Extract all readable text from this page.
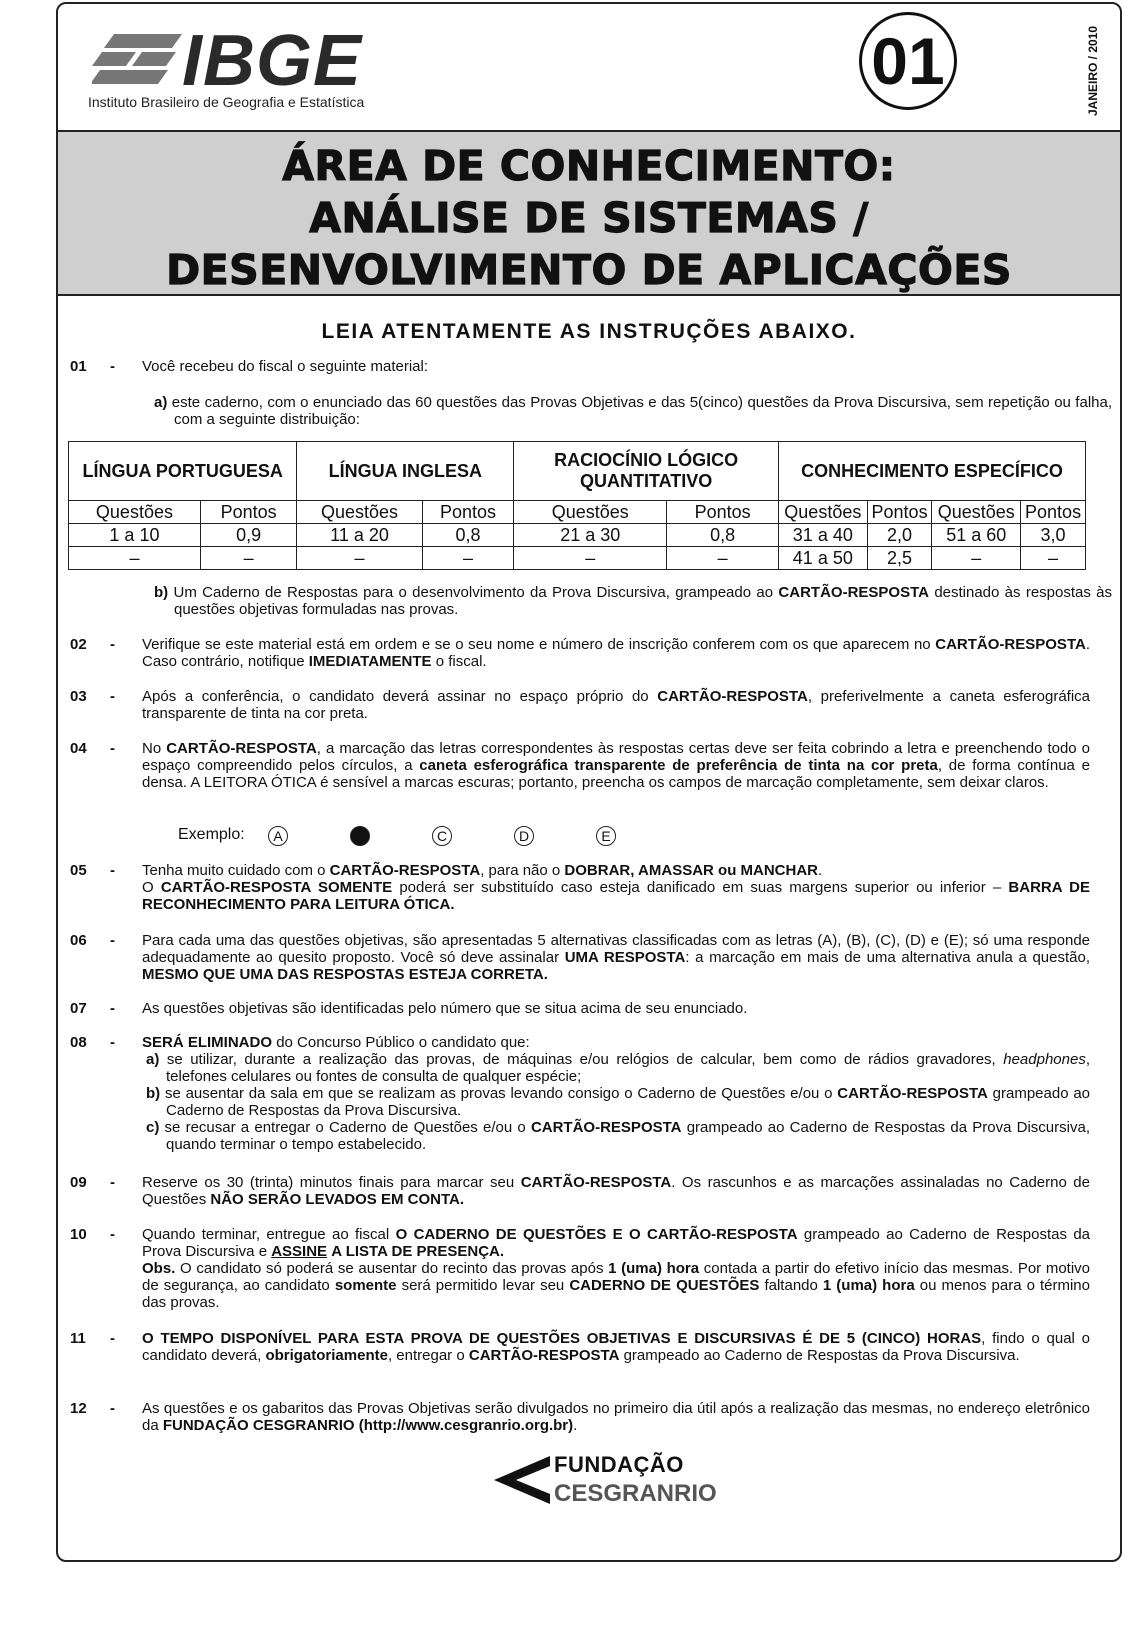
IBGE
Instituto Brasileiro de Geografia e Estatística
01	JANEIRO / 2010
ÁREA DE CONHECIMENTO:
ANÁLISE DE SISTEMAS /
DESENVOLVIMENTO DE APLICAÇÕES
LEIA ATENTAMENTE AS INSTRUÇÕES ABAIXO.
01	- Você recebeu do fiscal o seguinte material:
a) este caderno, com o enunciado das 60 questões das Provas Objetivas e das 5(cinco) questões da Prova Discursiva, sem repetição ou falha, com a seguinte distribuição:
LÍNGUA PORTUGUESA		LÍNGUA INGLESA		RACIOCÍNIO LÓGICO QUANTITATIVO		CONHECIMENTO ESPECÍFICO			
Questões	Pontos	Questões	Pontos	Questões	Pontos	Questões	Pontos	Questões	Pontos
1 a 10	0,9	11 a 20	0,8	21 a 30	0,8	31 a 40	2,0	51 a 60	3,0
–	–	–	–	–	–	41 a 50	2,5	–	–
b) Um Caderno de Respostas para o desenvolvimento da Prova Discursiva, grampeado ao CARTÃO-RESPOSTA destinado às respostas às questões objetivas formuladas nas provas.
02	- Verifique se este material está em ordem e se o seu nome e número de inscrição conferem com os que aparecem no CARTÃO-RESPOSTA. Caso contrário, notifique IMEDIATAMENTE o fiscal.
03	- Após a conferência, o candidato deverá assinar no espaço próprio do CARTÃO-RESPOSTA, preferivelmente a caneta esferográfica transparente de tinta na cor preta.
04	- No CARTÃO-RESPOSTA, a marcação das letras correspondentes às respostas certas deve ser feita cobrindo a letra e preenchendo todo o espaço compreendido pelos círculos, a caneta esferográfica transparente de preferência de tinta na cor preta, de forma contínua e densa. A LEITORA ÓTICA é sensível a marcas escuras; portanto, preencha os campos de marcação completamente, sem deixar claros.
Exemplo:	A	C	D	E
05	- Tenha muito cuidado com o CARTÃO-RESPOSTA, para não o DOBRAR, AMASSAR ou MANCHAR.
O CARTÃO-RESPOSTA SOMENTE poderá ser substituído caso esteja danificado em suas margens superior ou inferior – BARRA DE RECONHECIMENTO PARA LEITURA ÓTICA.
06	- Para cada uma das questões objetivas, são apresentadas 5 alternativas classificadas com as letras (A), (B), (C), (D) e (E); só uma responde adequadamente ao quesito proposto. Você só deve assinalar UMA RESPOSTA: a marcação em mais de uma alternativa anula a questão, MESMO QUE UMA DAS RESPOSTAS ESTEJA CORRETA.
07	- As questões objetivas são identificadas pelo número que se situa acima de seu enunciado.
08	- SERÁ ELIMINADO do Concurso Público o candidato que:
a) se utilizar, durante a realização das provas, de máquinas e/ou relógios de calcular, bem como de rádios gravadores, headphones, telefones celulares ou fontes de consulta de qualquer espécie;
b) se ausentar da sala em que se realizam as provas levando consigo o Caderno de Questões e/ou o CARTÃO-RESPOSTA grampeado ao Caderno de Respostas da Prova Discursiva.
c) se recusar a entregar o Caderno de Questões e/ou o CARTÃO-RESPOSTA grampeado ao Caderno de Respostas da Prova Discursiva, quando terminar o tempo estabelecido.
09	- Reserve os 30 (trinta) minutos finais para marcar seu CARTÃO-RESPOSTA. Os rascunhos e as marcações assinaladas no Caderno de Questões NÃO SERÃO LEVADOS EM CONTA.
10	- Quando terminar, entregue ao fiscal O CADERNO DE QUESTÕES E O CARTÃO-RESPOSTA grampeado ao Caderno de Respostas da Prova Discursiva e ASSINE A LISTA DE PRESENÇA.
Obs. O candidato só poderá se ausentar do recinto das provas após 1 (uma) hora contada a partir do efetivo início das mesmas. Por motivo de segurança, ao candidato somente será permitido levar seu CADERNO DE QUESTÕES faltando 1 (uma) hora ou menos para o término das provas.
11	- O TEMPO DISPONÍVEL PARA ESTA PROVA DE QUESTÕES OBJETIVAS E DISCURSIVAS É DE 5 (CINCO) HORAS, findo o qual o candidato deverá, obrigatoriamente, entregar o CARTÃO-RESPOSTA grampeado ao Caderno de Respostas da Prova Discursiva.
12	- As questões e os gabaritos das Provas Objetivas serão divulgados no primeiro dia útil após a realização das mesmas, no endereço eletrônico da FUNDAÇÃO CESGRANRIO (http://www.cesgranrio.org.br).
FUNDAÇÃO
CESGRANRIO
